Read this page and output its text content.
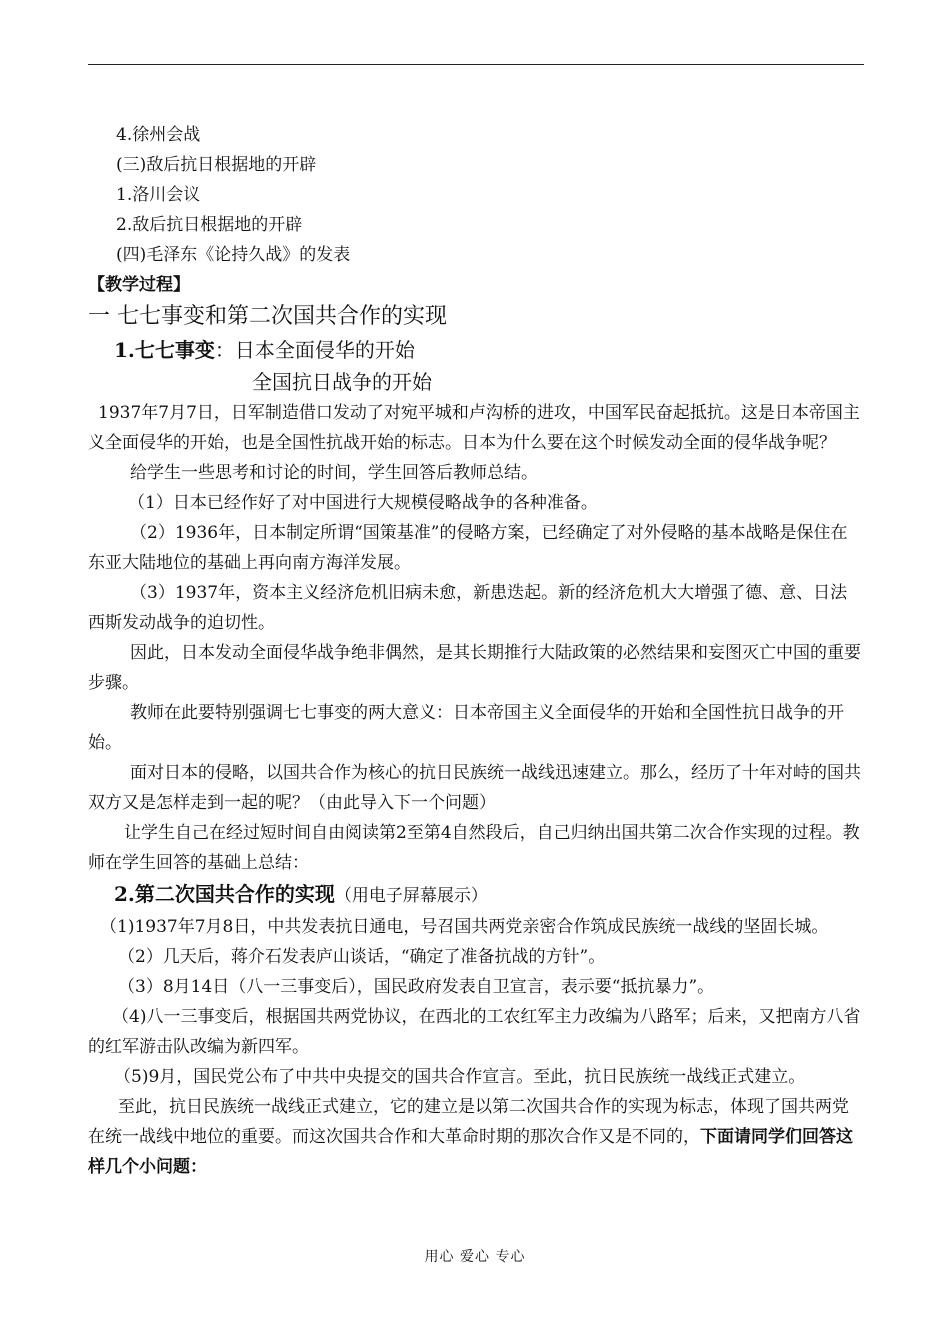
4.徐州会战

(三)敌后抗日根据地的开辟

1.洛川会议

2.敌后抗日根据地的开辟

(四)毛泽东《论持久战》的发表

【教学过程】
一 七七事变和第二次国共合作的实现
1.七七事变：日本全面侵华的开始
全国抗日战争的开始

1937年7月7日，日军制造借口发动了对宛平城和卢沟桥的进攻，中国军民奋起抵抗。这是日本帝国主义全面侵华的开始，也是全国性抗战开始的标志。日本为什么要在这个时候发动全面的侵华战争呢？

给学生一些思考和讨论的时间，学生回答后教师总结。

（1）日本已经作好了对中国进行大规模侵略战争的各种准备。

（2）1936年，日本制定所谓“国策基准”的侵略方案，已经确定了对外侵略的基本战略是保住在东亚大陆地位的基础上再向南方海洋发展。

（3）1937年，资本主义经济危机旧病未愈，新患迭起。新的经济危机大大增强了德、意、日法西斯发动战争的迫切性。

因此，日本发动全面侵华战争绝非偶然，是其长期推行大陆政策的必然结果和妄图灭亡中国的重要步骤。

教师在此要特别强调七七事变的两大意义：日本帝国主义全面侵华的开始和全国性抗日战争的开始。

面对日本的侵略，以国共合作为核心的抗日民族统一战线迅速建立。那么，经历了十年对峙的国共双方又是怎样走到一起的呢？（由此导入下一个问题）

让学生自己在经过短时间自由阅读第2至第4自然段后，自己归纳出国共第二次合作实现的过程。教师在学生回答的基础上总结：

2.第二次国共合作的实现（用电子屏幕展示）

（1)1937年7月8日，中共发表抗日通电，号召国共两党亲密合作筑成民族统一战线的坚固长城。

（2）几天后，蒋介石发表庐山谈话，“确定了准备抗战的方针”。

（3）8月14日（八一三事变后），国民政府发表自卫宣言，表示要“抵抗暴力”。

（4)八一三事变后，根据国共两党协议，在西北的工农红军主力改编为八路军；后来，又把南方八省的红军游击队改编为新四军。

（5)9月，国民党公布了中共中央提交的国共合作宣言。至此，抗日民族统一战线正式建立。

至此，抗日民族统一战线正式建立，它的建立是以第二次国共合作的实现为标志，体现了国共两党在统一战线中地位的重要。而这次国共合作和大革命时期的那次合作又是不同的，下面请同学们回答这样几个小问题：

用心 爱心 专心
